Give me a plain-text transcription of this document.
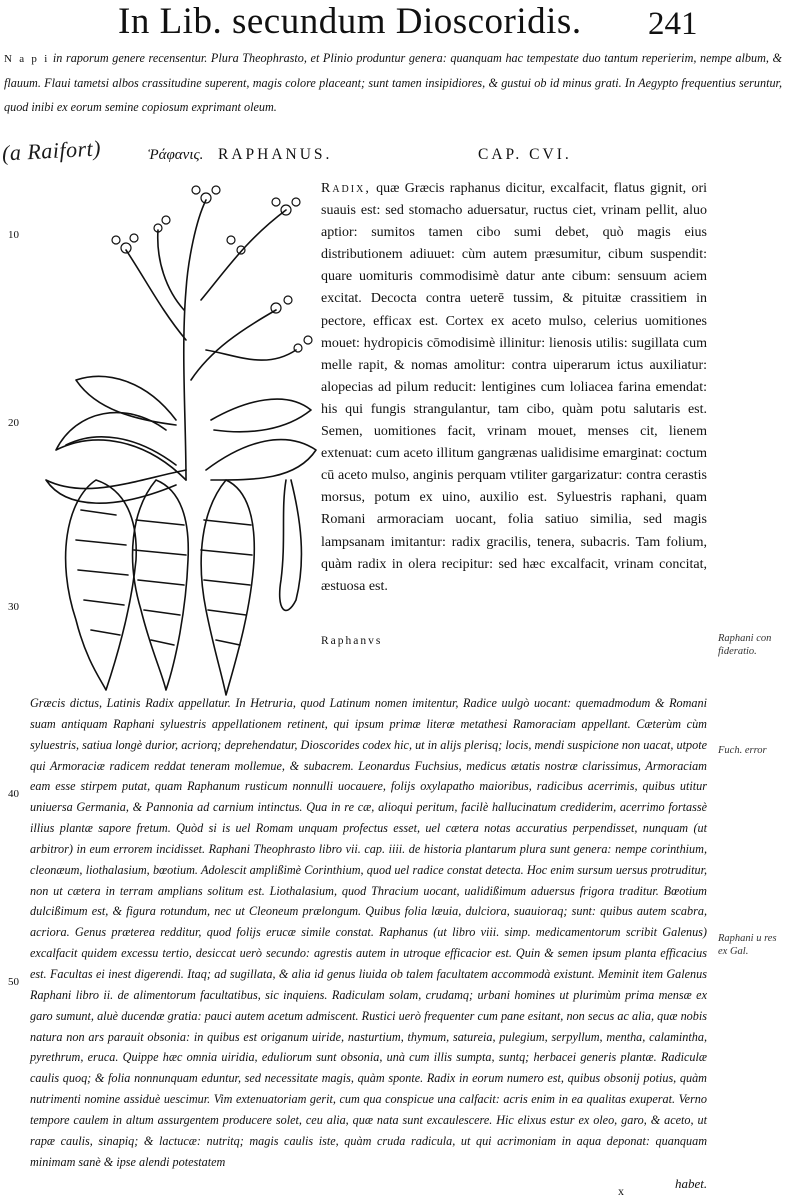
In Lib. secundum Dioscoridis.	241
N a p i in raporum genere recensentur. Plura Theophrasto, et Plinio produntur genera: quanquam hac tempestate duo tantum reperierim, nempe album, & flauum. Flaui tametsi albos crassitudine superent, magis colore placeant; sunt tamen insipidiores, & gustui ob id minus grati. In Aegypto frequentius seruntur, quod inibi ex eorum semine copiosum exprimant oleum.
(a Raifort)	Ῥάφανις. RAPHANUS.	CAP. CVI.
10
20
30
40
50
Radix, quæ Græcis raphanus dicitur, excalfacit, flatus gignit, ori suauis est: sed stomacho aduersatur, ructus ciet, vrinam pellit, aluo aptior: sumitos tamen cibo sumi debet, quò magis eius distributionem adiuuet: cùm autem præsumitur, cibum suspendit: quare uomituris commodisimè datur ante cibum: sensuum aciem excitat. Decocta contra ueterē tussim, & pituitæ crassitiem in pectore, efficax est. Cortex ex aceto mulso, celerius uomitiones mouet: hydropicis cōmodisimè illinitur: lienosis utilis: sugillata cum melle rapit, & nomas amolitur: contra uiperarum ictus auxiliatur: alopecias ad pilum reducit: lentigines cum loliacea farina emendat: his qui fungis strangulantur, tam cibo, quàm potu salutaris est. Semen, uomitiones facit, vrinam mouet, menses cit, lienem extenuat: cum aceto illitum gangrænas ualidisime emarginat: coctum cū aceto mulso, anginis perquam vtiliter gargarizatur: contra cerastis morsus, potum ex uino, auxilio est. Syluestris raphani, quam Romani armoraciam uocant, folia satiuo similia, sed magis lampsanam imitantur: radix gracilis, tenera, subacris. Tam folium, quàm radix in olera recipitur: sed hæc excalfacit, vrinam concitat, æstuosa est.
Raphanvs
Græcis dictus, Latinis Radix appellatur. In Hetruria, quod Latinum nomen imitentur, Radice uulgò uocant: quemadmodum & Romani suam antiquam Raphani syluestris appellationem retinent, qui ipsum primæ literæ metathesi Ramoraciam appellant. Cæterùm cùm syluestris, satiua longè durior, acriorq; deprehendatur, Dioscorides codex hic, ut in alijs plerisq; locis, mendi suspicione non uacat, utpote qui Armoraciæ radicem reddat teneram mollemue, & subacrem. Leonardus Fuchsius, medicus ætatis nostræ clarissimus, Armoraciam eam esse stirpem putat, quam Raphanum rusticum nonnulli uocauere, folijs oxylapatho maioribus, radicibus acerrimis, quibus utitur uniuersa Germania, & Pannonia ad carnium intinctus. Qua in re cæ, alioqui peritum, facilè hallucinatum crediderim, acerrimo fortassè illius plantæ sapore fretum. Quòd si is uel Romam unquam profectus esset, uel cætera notas accuratius perpendisset, nunquam (ut arbitror) in eum errorem incidisset. Raphani Theophrasto libro vii. cap. iiii. de historia plantarum plura sunt genera: nempe corinthium, cleonæum, liothalasium, bœotium. Adolescit amplißimè Corinthium, quod uel radice constat detecta. Hoc enim sursum uersus protruditur, non ut cætera in terram amplians solitum est. Liothalasium, quod Thracium uocant, ualidißimum aduersus frigora traditur. Bœotium dulcißimum est, & figura rotundum, nec ut Cleoneum prælongum. Quibus folia læuia, dulciora, suauioraq; sunt: quibus autem scabra, acriora. Genus præterea redditur, quod folijs erucæ simile constat. Raphanus (ut libro viii. simp. medicamentorum scribit Galenus) excalfacit quidem excessu tertio, desiccat uerò secundo: agrestis autem in utroque efficacior est. Quin & semen ipsum planta efficacius est. Facultas ei inest digerendi. Itaq; ad sugillata, & alia id genus liuida ob talem facultatem accommodà existunt. Meminit item Galenus Raphani libro ii. de alimentorum facultatibus, sic inquiens. Radiculam solam, crudamq; urbani homines ut plurimùm prima mensæ ex garo sumunt, aluè ducendæ gratia: pauci autem acetum admiscent. Rustici uerò frequenter cum pane esitant, non secus ac alia, quæ nobis natura non ars parauit obsonia: in quibus est origanum uiride, nasturtium, thymum, satureia, pulegium, serpyllum, mentha, calamintha, pyrethrum, eruca. Quippe hæc omnia uiridia, eduliorum sunt obsonia, unà cum illis sumpta, suntq; herbacei generis plantæ. Radiculæ caulis quoq; & folia nonnunquam eduntur, sed necessitate magis, quàm sponte. Radix in eorum numero est, quibus obsonij potius, quàm nutrimenti nomine assiduè uescimur. Vim extenuatoriam gerit, cum qua conspicue una calfacit: acris enim in ea qualitas exuperat. Verno tempore caulem in altum assurgentem producere solet, ceu alia, quæ nata sunt excaulescere. Hic elixus estur ex oleo, garo, & aceto, ut rapæ caulis, sinapiq; & lactucæ: nutritq; magis caulis iste, quàm cruda radicula, ut qui acrimoniam in aqua deponat: quanquam minimam sanè & ipse alendi potestatem
Raphani con fideratio.
Fuch. error
Raphani u res ex Gal.
x	habet.
